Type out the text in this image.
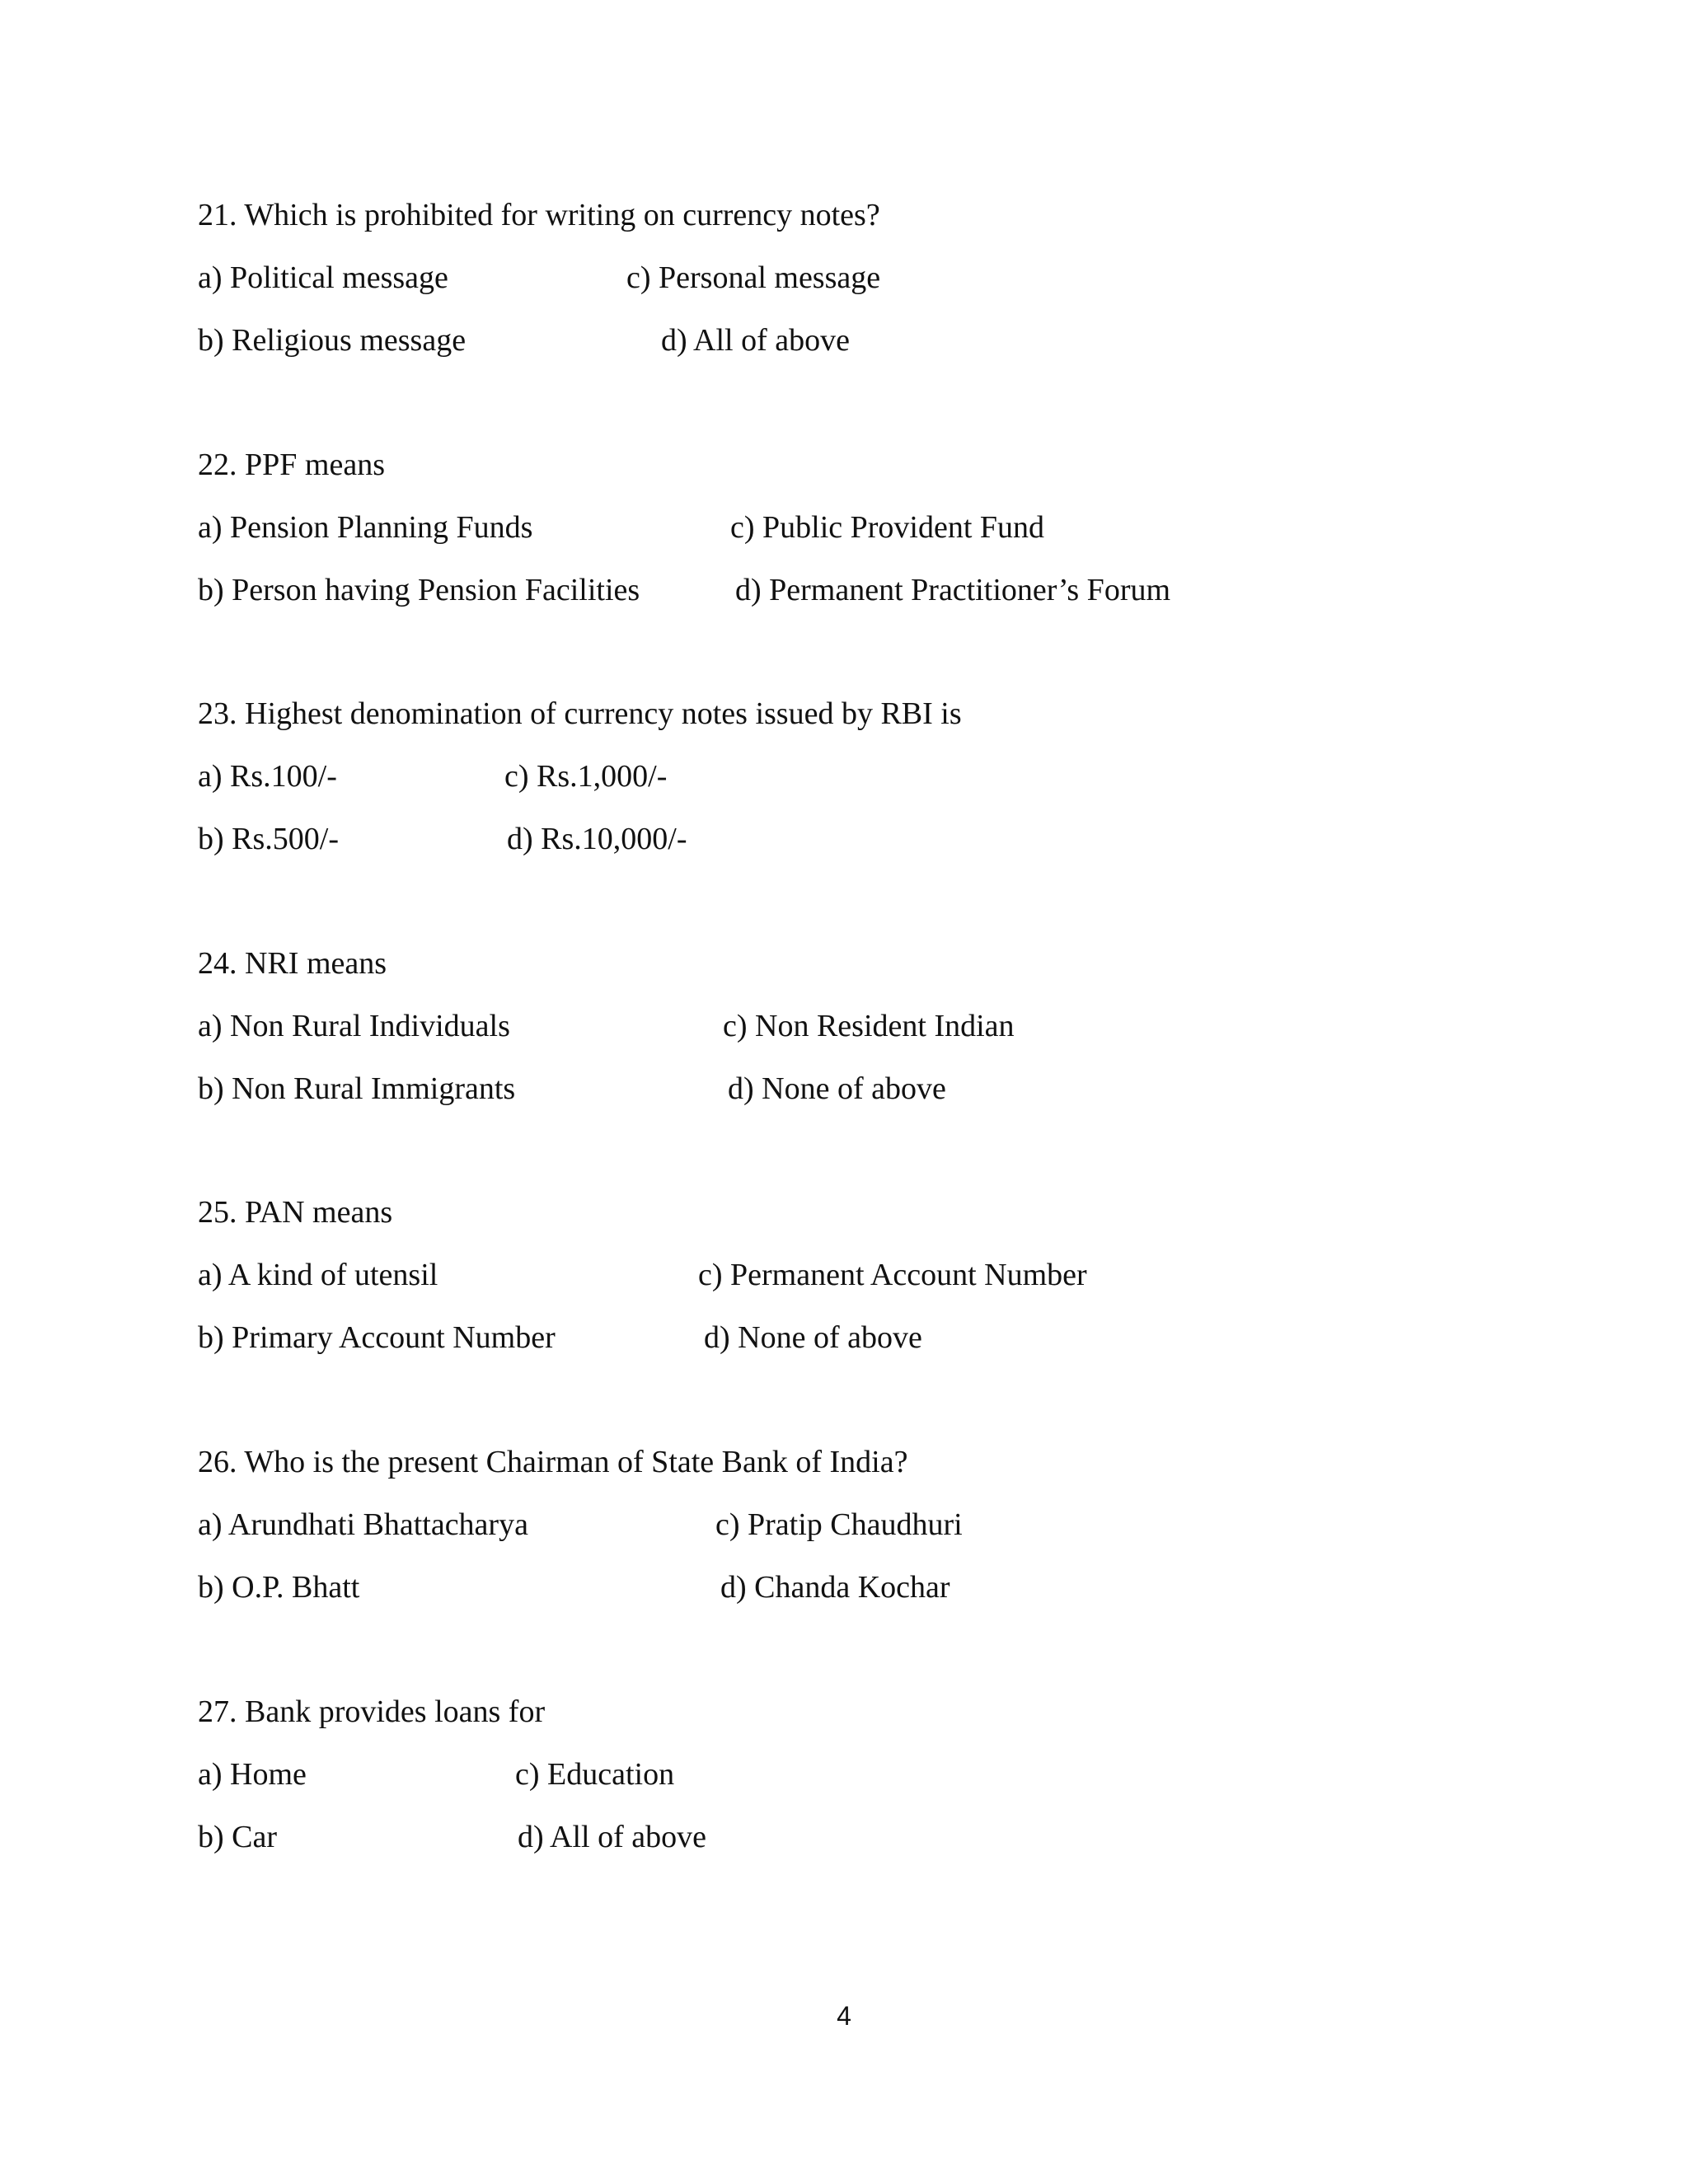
21. Which is prohibited for writing on currency notes?
a) Political message	c) Personal message
b) Religious message	d) All of above
22. PPF means
a) Pension Planning Funds	c) Public Provident Fund
b) Person having Pension Facilities	d) Permanent Practitioner’s Forum
23. Highest denomination of currency notes issued by RBI is
a) Rs.100/-	c) Rs.1,000/-
b) Rs.500/-	d) Rs.10,000/-
24. NRI means
a) Non Rural Individuals	c) Non Resident Indian
b) Non Rural Immigrants	d) None of above
25. PAN means
a) A kind of utensil	c) Permanent Account Number
b) Primary Account Number	d) None of above
26. Who is the present Chairman of State Bank of India?
a) Arundhati Bhattacharya	c) Pratip Chaudhuri
b) O.P. Bhatt	d) Chanda Kochar
27. Bank provides loans for
a) Home	c) Education
b) Car	d) All of above
4
